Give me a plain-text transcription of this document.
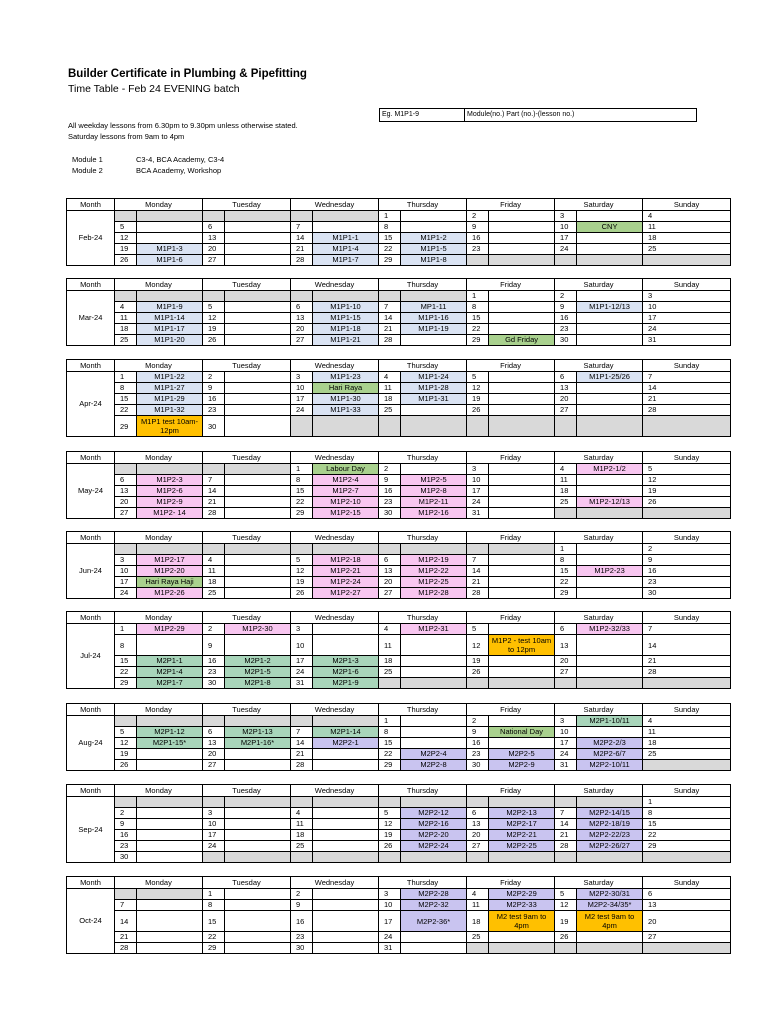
Builder Certificate in Plumbing & Pipefitting
Time Table - Feb 24 EVENING batch
Eg. M1P1-9	Module(no.) Part (no.)-(lesson no.)
All weekday lessons from 6.30pm to 9.30pm unless otherwise stated.
Saturday lessons from 9am to 4pm
Module 1	C3-4, BCA Academy, C3-4
Module 2	BCA Academy, Workshop
Month	Monday		Tuesday		Wednesday		Thursday		Friday		Saturday		Sunday
Feb-24							1		2		3		4
	5		6		7		8		9		10	CNY	11
	12		13		14	M1P1-1	15	M1P1-2	16		17		18
	19	M1P1-3	20		21	M1P1-4	22	M1P1-5	23		24		25
	26	M1P1-6	27		28	M1P1-7	29	M1P1-8					
Month	Monday		Tuesday		Wednesday		Thursday		Friday		Saturday		Sunday
Mar-24									1		2		3
	4	M1P1-9	5		6	M1P1-10	7	MP1-11	8		9	M1P1-12/13	10
	11	M1P1-14	12		13	M1P1-15	14	M1P1-16	15		16		17
	18	M1P1-17	19		20	M1P1-18	21	M1P1-19	22		23		24
	25	M1P1-20	26		27	M1P1-21	28		29	Gd Friday	30		31
Month	Monday		Tuesday		Wednesday		Thursday		Friday		Saturday		Sunday
Apr-24	1	M1P1-22	2		3	M1P1-23	4	M1P1-24	5		6	M1P1-25/26	7
	8	M1P1-27	9		10	Hari Raya	11	M1P1-28	12		13		14
	15	M1P1-29	16		17	M1P1-30	18	M1P1-31	19		20		21
	22	M1P1-32	23		24	M1P1-33	25		26		27		28
	29	M1P1 test 10am-12pm	30										
Month	Monday		Tuesday		Wednesday		Thursday		Friday		Saturday		Sunday
May-24					1	Labour Day	2		3		4	M1P2-1/2	5
	6	M1P2-3	7		8	M1P2-4	9	M1P2-5	10		11		12
	13	M1P2-6	14		15	M1P2-7	16	M1P2-8	17		18		19
	20	M1P2-9	21		22	M1P2-10	23	M1P2-11	24		25	M1P2-12/13	26
	27	M1P2- 14	28		29	M1P2-15	30	M1P2-16	31				
Month	Monday		Tuesday		Wednesday		Thursday		Friday		Saturday		Sunday
Jun-24											1		2
	3	M1P2-17	4		5	M1P2-18	6	M1P2-19	7		8		9
	10	M1P2-20	11		12	M1P2-21	13	M1P2-22	14		15	M1P2-23	16
	17	Hari Raya Haji	18		19	M1P2-24	20	M1P2-25	21		22		23
	24	M1P2-26	25		26	M1P2-27	27	M1P2-28	28		29		30
Month	Monday		Tuesday		Wednesday		Thursday		Friday		Saturday		Sunday
Jul-24	1	M1P2-29	2	M1P2-30	3		4	M1P2-31	5		6	M1P2-32/33	7
	8		9		10		11		12	M1P2 - test 10am to 12pm	13		14
	15	M2P1-1	16	M2P1-2	17	M2P1-3	18		19		20		21
	22	M2P1-4	23	M2P1-5	24	M2P1-6	25		26		27		28
	29	M2P1-7	30	M2P1-8	31	M2P1-9							
Month	Monday		Tuesday		Wednesday		Thursday		Friday		Saturday		Sunday
Aug-24							1		2		3	M2P1-10/11	4
	5	M2P1-12	6	M2P1-13	7	M2P1-14	8		9	National Day	10		11
	12	M2P1-15*	13	M2P1-16*	14	M2P2-1	15		16		17	M2P2-2/3	18
	19		20		21		22	M2P2-4	23	M2P2-5	24	M2P2-6/7	25
	26		27		28		29	M2P2-8	30	M2P2-9	31	M2P2-10/11	
Month	Monday		Tuesday		Wednesday		Thursday		Friday		Saturday		Sunday
Sep-24													1
	2		3		4		5	M2P2-12	6	M2P2-13	7	M2P2-14/15	8
	9		10		11		12	M2P2-16	13	M2P2-17	14	M2P2-18/19	15
	16		17		18		19	M2P2-20	20	M2P2-21	21	M2P2-22/23	22
	23		24		25		26	M2P2-24	27	M2P2-25	28	M2P2-26/27	29
	30												
Month	Monday		Tuesday		Wednesday		Thursday		Friday		Saturday		Sunday
Oct-24			1		2		3	M2P2-28	4	M2P2-29	5	M2P2-30/31	6
	7		8		9		10	M2P2-32	11	M2P2-33	12	M2P2-34/35*	13
	14		15		16		17	M2P2-36*	18	M2 test 9am to 4pm	19	M2 test 9am to 4pm	20
	21		22		23		24		25		26		27
	28		29		30		31						
